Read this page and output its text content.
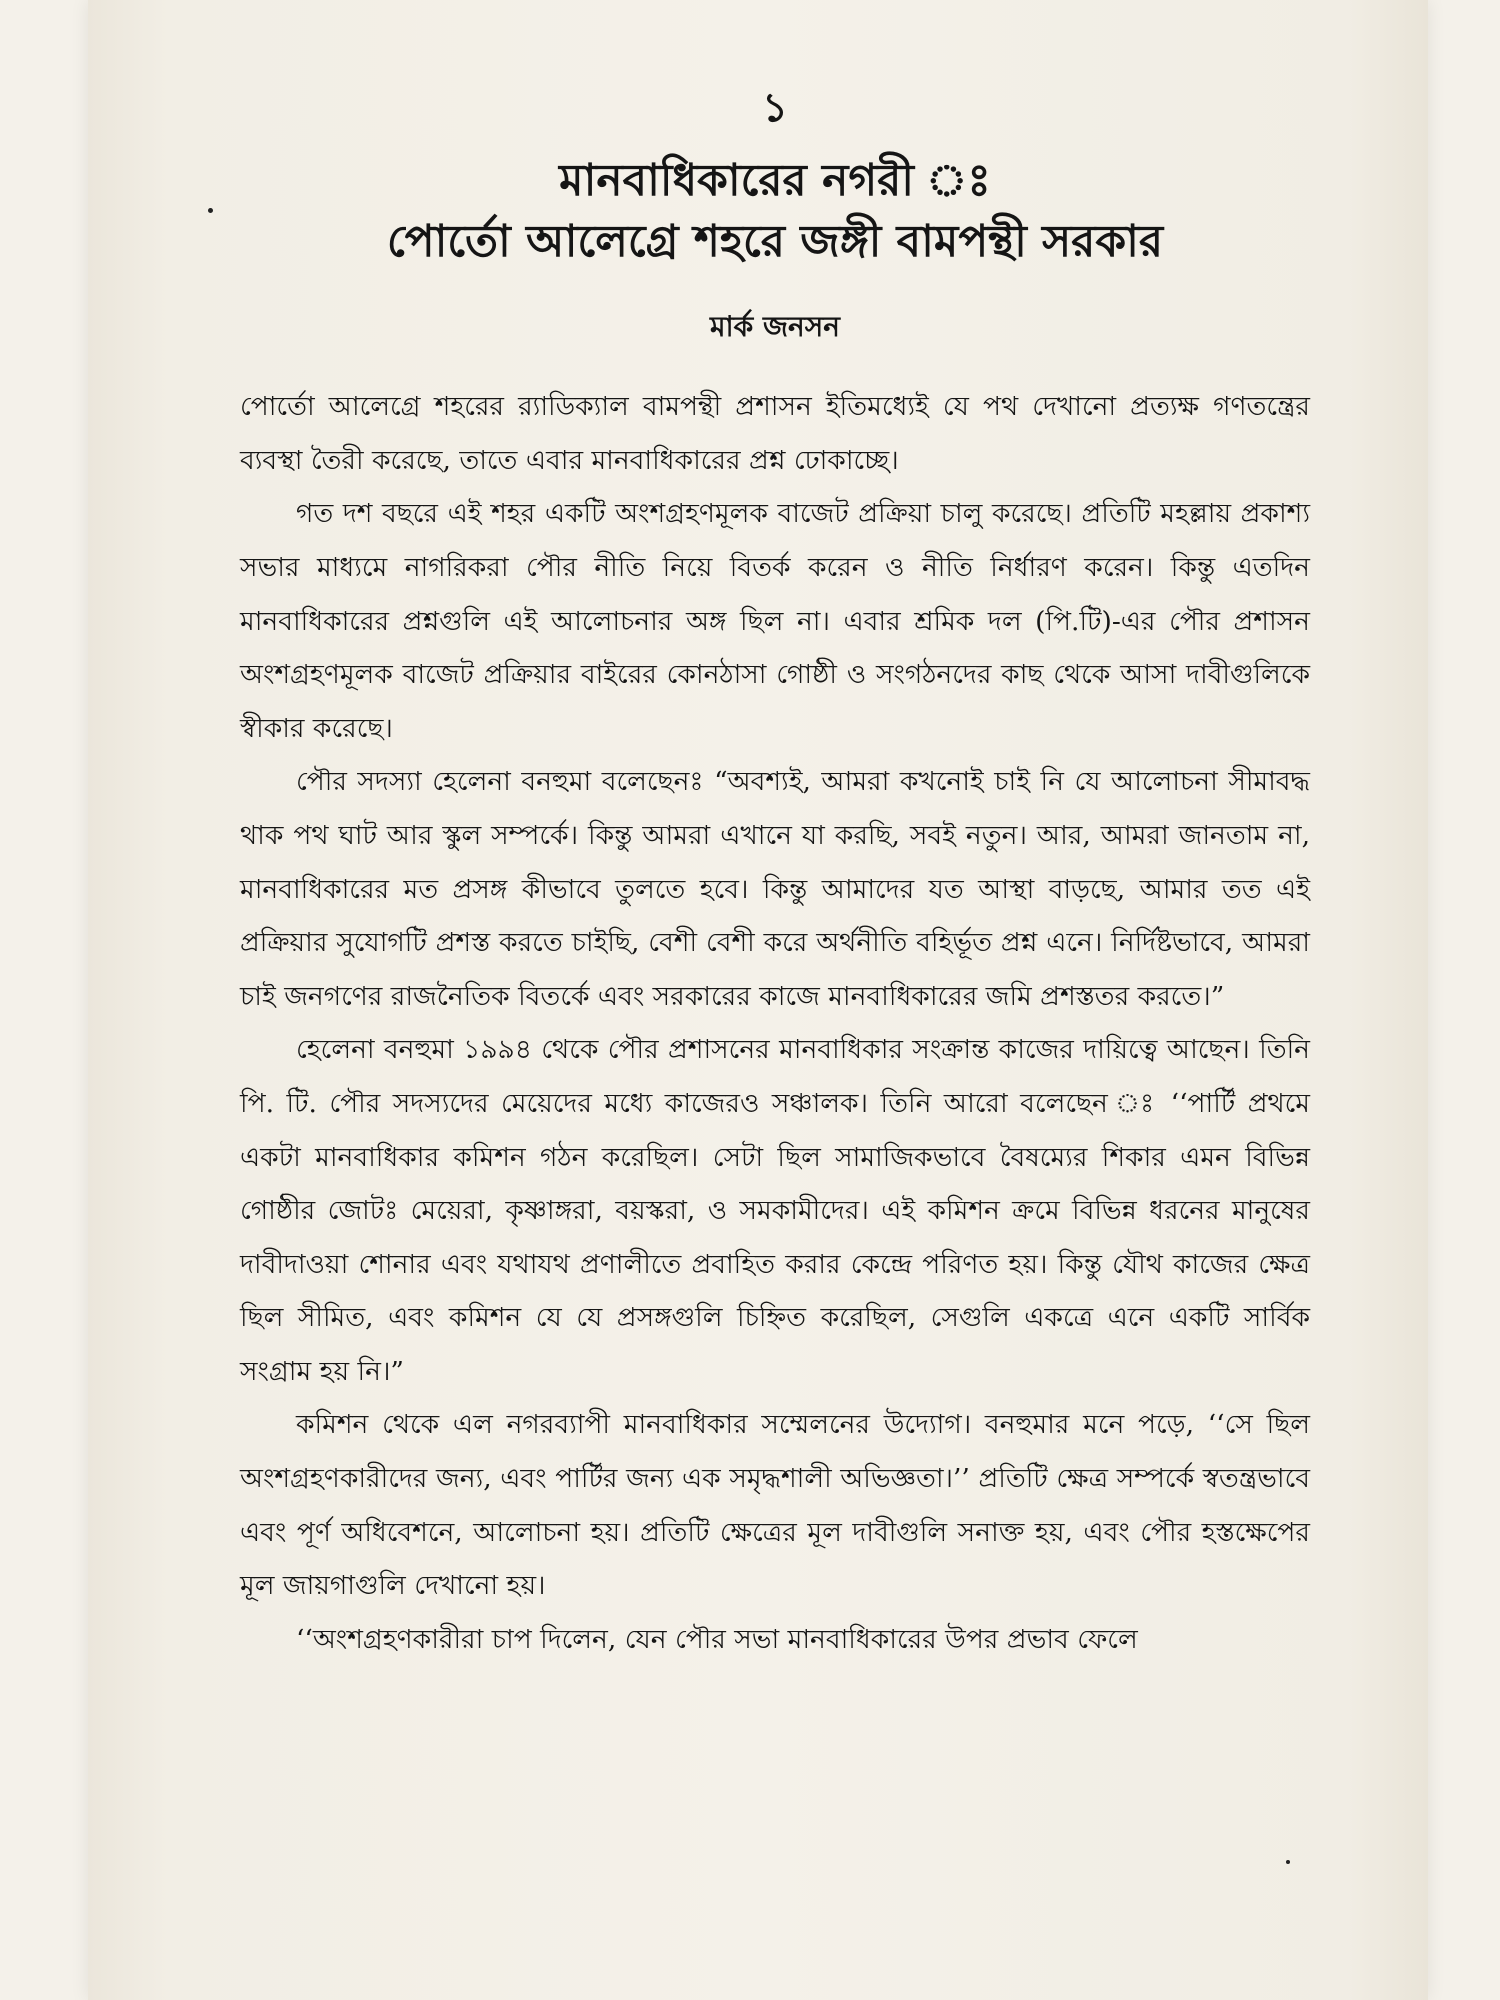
১
মানবাধিকারের নগরী ঃ
পোর্তো আলেগ্রে শহরে জঙ্গী বামপন্থী সরকার
মার্ক জনসন

পোর্তো আলেগ্রে শহরের র‍্যাডিক্যাল বামপন্থী প্রশাসন ইতিমধ্যেই যে পথ দেখানো প্রত্যক্ষ গণতন্ত্রের ব্যবস্থা তৈরী করেছে, তাতে এবার মানবাধিকারের প্রশ্ন ঢোকাচ্ছে।

গত দশ বছরে এই শহর একটি অংশগ্রহণমূলক বাজেট প্রক্রিয়া চালু করেছে। প্রতিটি মহল্লায় প্রকাশ্য সভার মাধ্যমে নাগরিকরা পৌর নীতি নিয়ে বিতর্ক করেন ও নীতি নির্ধারণ করেন। কিন্তু এতদিন মানবাধিকারের প্রশ্নগুলি এই আলোচনার অঙ্গ ছিল না। এবার শ্রমিক দল (পি.টি)-এর পৌর প্রশাসন অংশগ্রহণমূলক বাজেট প্রক্রিয়ার বাইরের কোনঠাসা গোষ্ঠী ও সংগঠনদের কাছ থেকে আসা দাবীগুলিকে স্বীকার করেছে।

পৌর সদস্যা হেলেনা বনহুমা বলেছেনঃ “অবশ্যই, আমরা কখনোই চাই নি যে আলোচনা সীমাবদ্ধ থাক পথ ঘাট আর স্কুল সম্পর্কে। কিন্তু আমরা এখানে যা করছি, সবই নতুন। আর, আমরা জানতাম না, মানবাধিকারের মত প্রসঙ্গ কীভাবে তুলতে হবে। কিন্তু আমাদের যত আস্থা বাড়ছে, আমার তত এই প্রক্রিয়ার সুযোগটি প্রশস্ত করতে চাইছি, বেশী বেশী করে অর্থনীতি বহির্ভূত প্রশ্ন এনে। নির্দিষ্টভাবে, আমরা চাই জনগণের রাজনৈতিক বিতর্কে এবং সরকারের কাজে মানবাধিকারের জমি প্রশস্ততর করতে।”

হেলেনা বনহুমা ১৯৯৪ থেকে পৌর প্রশাসনের মানবাধিকার সংক্রান্ত কাজের দায়িত্বে আছেন। তিনি পি. টি. পৌর সদস্যদের মেয়েদের মধ্যে কাজেরও সঞ্চালক। তিনি আরো বলেছেন ঃ ‘‘পার্টি প্রথমে একটা মানবাধিকার কমিশন গঠন করেছিল। সেটা ছিল সামাজিকভাবে বৈষম্যের শিকার এমন বিভিন্ন গোষ্ঠীর জোটঃ মেয়েরা, কৃষ্ণাঙ্গরা, বয়স্করা, ও সমকামীদের। এই কমিশন ক্রমে বিভিন্ন ধরনের মানুষের দাবীদাওয়া শোনার এবং যথাযথ প্রণালীতে প্রবাহিত করার কেন্দ্রে পরিণত হয়। কিন্তু যৌথ কাজের ক্ষেত্র ছিল সীমিত, এবং কমিশন যে যে প্রসঙ্গগুলি চিহ্নিত করেছিল, সেগুলি একত্রে এনে একটি সার্বিক সংগ্রাম হয় নি।”

কমিশন থেকে এল নগরব্যাপী মানবাধিকার সম্মেলনের উদ্যোগ। বনহুমার মনে পড়ে, ‘‘সে ছিল অংশগ্রহণকারীদের জন্য, এবং পার্টির জন্য এক সমৃদ্ধশালী অভিজ্ঞতা।’’ প্রতিটি ক্ষেত্র সম্পর্কে স্বতন্ত্রভাবে এবং পূর্ণ অধিবেশনে, আলোচনা হয়। প্রতিটি ক্ষেত্রের মূল দাবীগুলি সনাক্ত হয়, এবং পৌর হস্তক্ষেপের মূল জায়গাগুলি দেখানো হয়।

‘‘অংশগ্রহণকারীরা চাপ দিলেন, যেন পৌর সভা মানবাধিকারের উপর প্রভাব ফেলে
